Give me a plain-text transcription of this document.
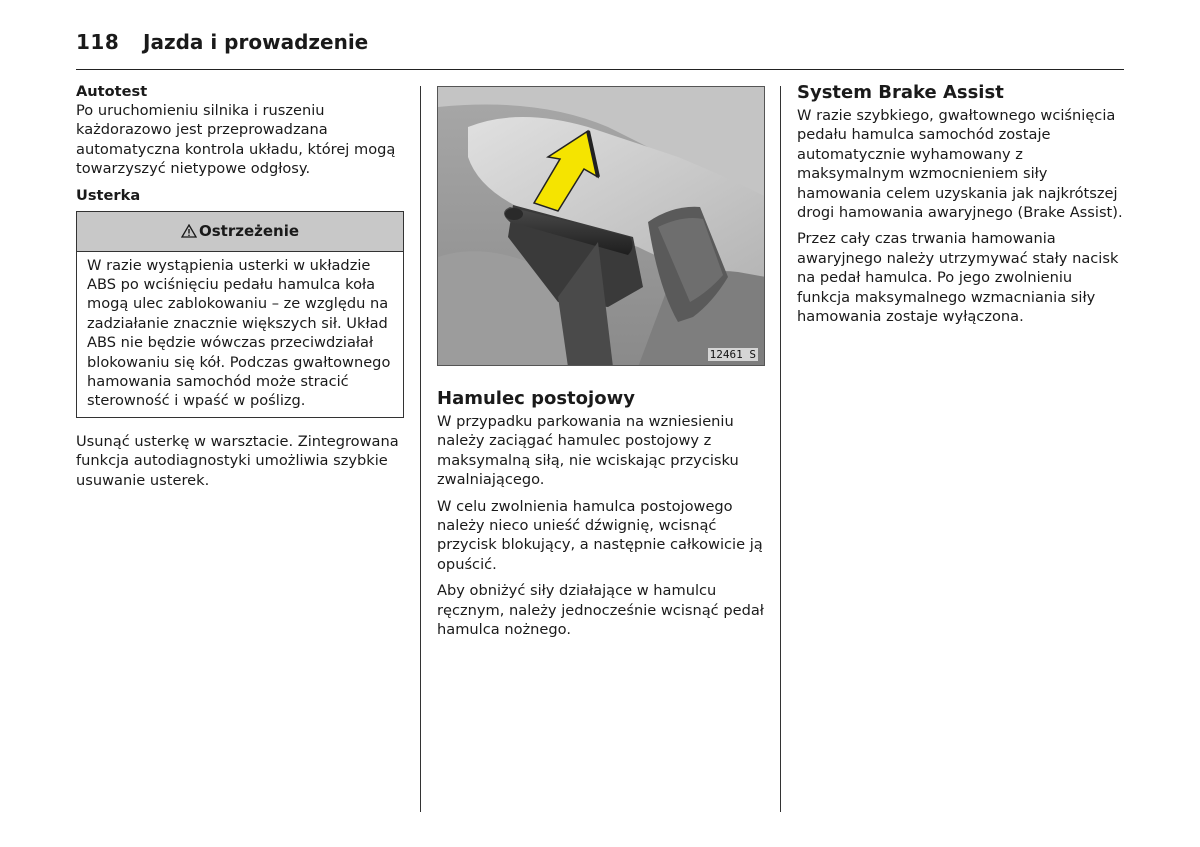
118 Jazda i prowadzenie
Autotest

Po uruchomieniu silnika i ruszeniu każdorazowo jest przeprowadzana automatyczna kontrola układu, której mogą towarzyszyć nietypowe odgłosy.

Usterka
Ostrzeżenie
W razie wystąpienia usterki w układzie ABS po wciśnięciu pedału hamulca koła mogą ulec zablokowaniu – ze względu na zadziałanie znacznie większych sił. Układ ABS nie będzie wówczas przeciwdziałał blokowaniu się kół. Podczas gwałtownego hamowania samochód może stracić sterowność i wpaść w poślizg.

Usunąć usterkę w warsztacie. Zintegrowana funkcja autodiagnostyki umożliwia szybkie usuwanie usterek.

12461 S
Hamulec postojowy

W przypadku parkowania na wzniesieniu należy zaciągać hamulec postojowy z maksymalną siłą, nie wciskając przycisku zwalniającego.

W celu zwolnienia hamulca postojowego należy nieco unieść dźwignię, wcisnąć przycisk blokujący, a następnie całkowicie ją opuścić.

Aby obniżyć siły działające w hamulcu ręcznym, należy jednocześnie wcisnąć pedał hamulca nożnego.

System Brake Assist

W razie szybkiego, gwałtownego wciśnięcia pedału hamulca samochód zostaje automatycznie wyhamowany z maksymalnym wzmocnieniem siły hamowania celem uzyskania jak najkrótszej drogi hamowania awaryjnego (Brake Assist).

Przez cały czas trwania hamowania awaryjnego należy utrzymywać stały nacisk na pedał hamulca. Po jego zwolnieniu funkcja maksymalnego wzmacniania siły hamowania zostaje wyłączona.
